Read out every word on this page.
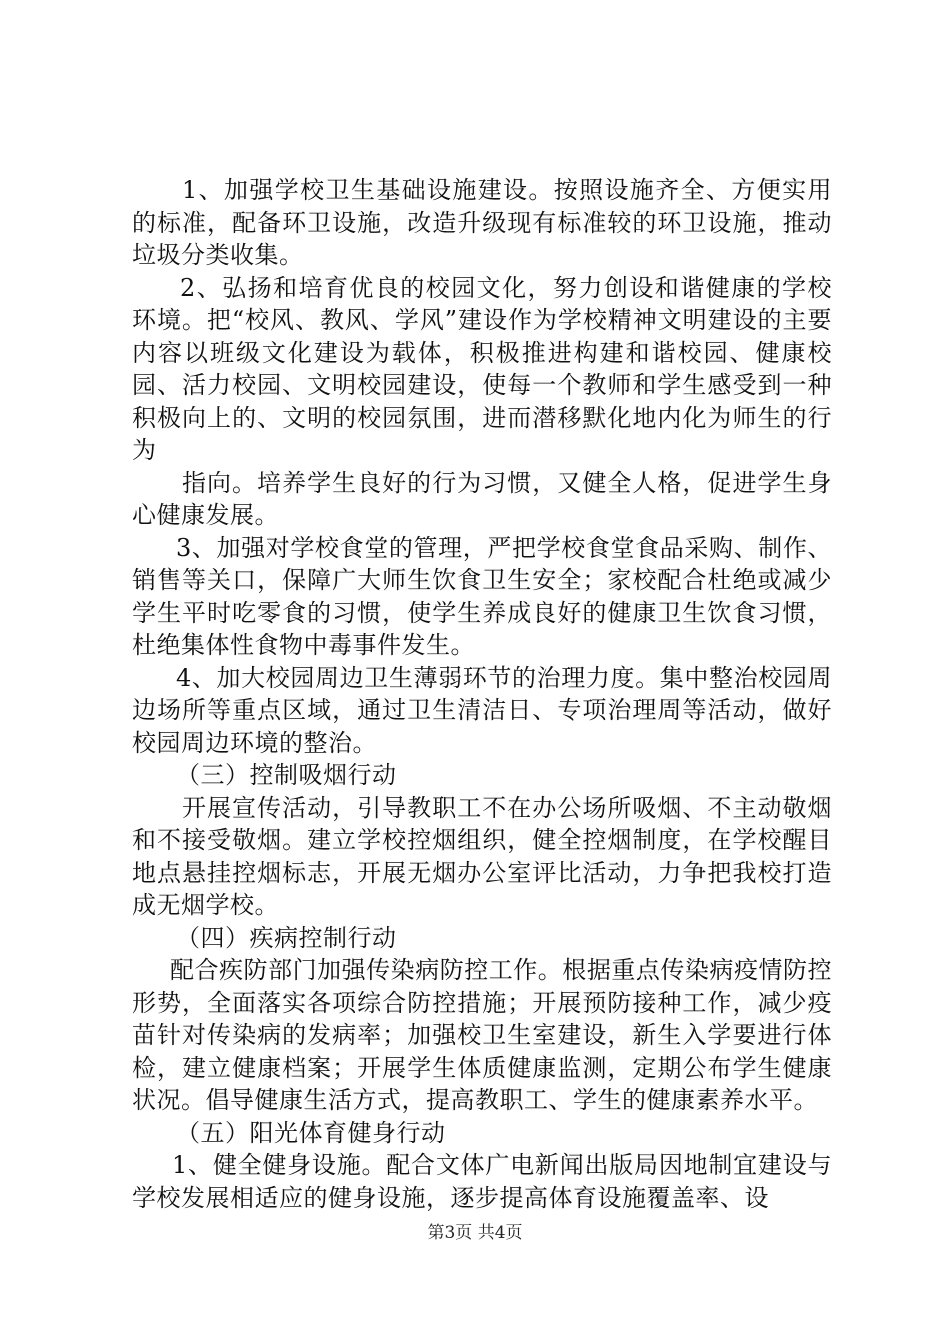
1、加强学校卫生基础设施建设。按照设施齐全、方便实用的标准，配备环卫设施，改造升级现有标准较的环卫设施，推动垃圾分类收集。

2、弘扬和培育优良的校园文化，努力创设和谐健康的学校环境。把“校风、教风、学风”建设作为学校精神文明建设的主要内容以班级文化建设为载体，积极推进构建和谐校园、健康校园、活力校园、文明校园建设，使每一个教师和学生感受到一种积极向上的、文明的校园氛围，进而潜移默化地内化为师生的行为

指向。培养学生良好的行为习惯，又健全人格，促进学生身心健康发展。

3、加强对学校食堂的管理，严把学校食堂食品采购、制作、销售等关口，保障广大师生饮食卫生安全；家校配合杜绝或减少学生平时吃零食的习惯，使学生养成良好的健康卫生饮食习惯，杜绝集体性食物中毒事件发生。

4、加大校园周边卫生薄弱环节的治理力度。集中整治校园周边场所等重点区域，通过卫生清洁日、专项治理周等活动，做好校园周边环境的整治。

（三）控制吸烟行动

开展宣传活动，引导教职工不在办公场所吸烟、不主动敬烟和不接受敬烟。建立学校控烟组织，健全控烟制度，在学校醒目地点悬挂控烟标志，开展无烟办公室评比活动，力争把我校打造成无烟学校。

（四）疾病控制行动

配合疾防部门加强传染病防控工作。根据重点传染病疫情防控形势，全面落实各项综合防控措施；开展预防接种工作，减少疫苗针对传染病的发病率；加强校卫生室建设，新生入学要进行体检，建立健康档案；开展学生体质健康监测，定期公布学生健康状况。倡导健康生活方式，提高教职工、学生的健康素养水平。

（五）阳光体育健身行动

1、健全健身设施。配合文体广电新闻出版局因地制宜建设与学校发展相适应的健身设施，逐步提高体育设施覆盖率、设

第3页 共4页
